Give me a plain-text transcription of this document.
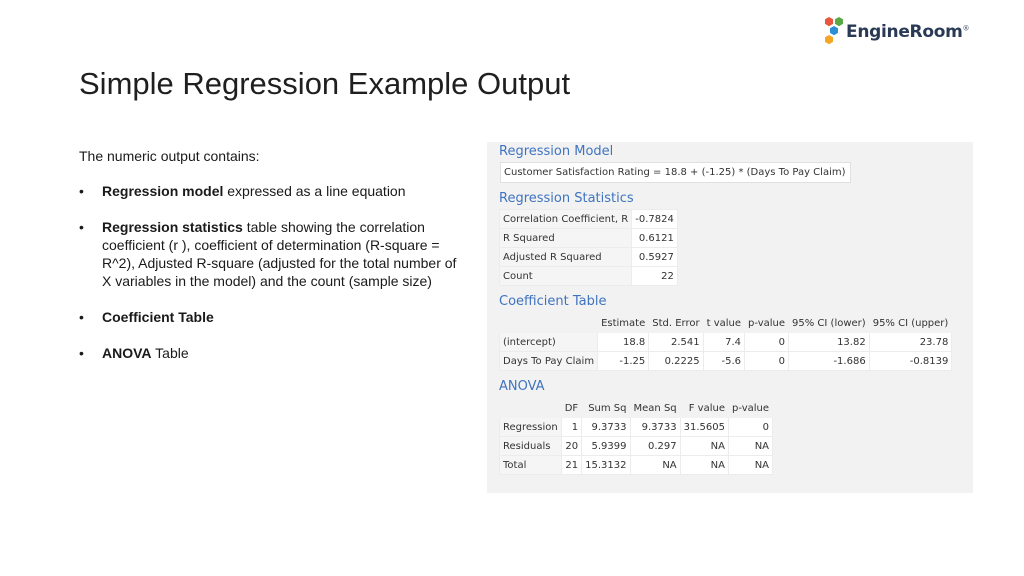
EngineRoom®
Simple Regression Example Output

The numeric output contains:

• Regression model expressed as a line equation
• Regression statistics table showing the correlation coefficient (r ), coefficient of determination (R-square = R^2), Adjusted R-square (adjusted for the total number of X variables in the model) and the count (sample size)
• Coefficient Table
• ANOVA Table
Regression Model
Customer Satisfaction Rating = 18.8 + (-1.25) * (Days To Pay Claim)
Regression Statistics
Correlation Coefficient, R	-0.7824
R Squared	0.6121
Adjusted R Squared	0.5927
Count	22
Coefficient Table
	Estimate	Std. Error	t value	p-value	95% CI (lower)	95% CI (upper)
(intercept)	18.8	2.541	7.4	0	13.82	23.78
Days To Pay Claim	-1.25	0.2225	-5.6	0	-1.686	-0.8139
ANOVA
	DF	Sum Sq	Mean Sq	F value	p-value
Regression	1	9.3733	9.3733	31.5605	0
Residuals	20	5.9399	0.297	NA	NA
Total	21	15.3132	NA	NA	NA
